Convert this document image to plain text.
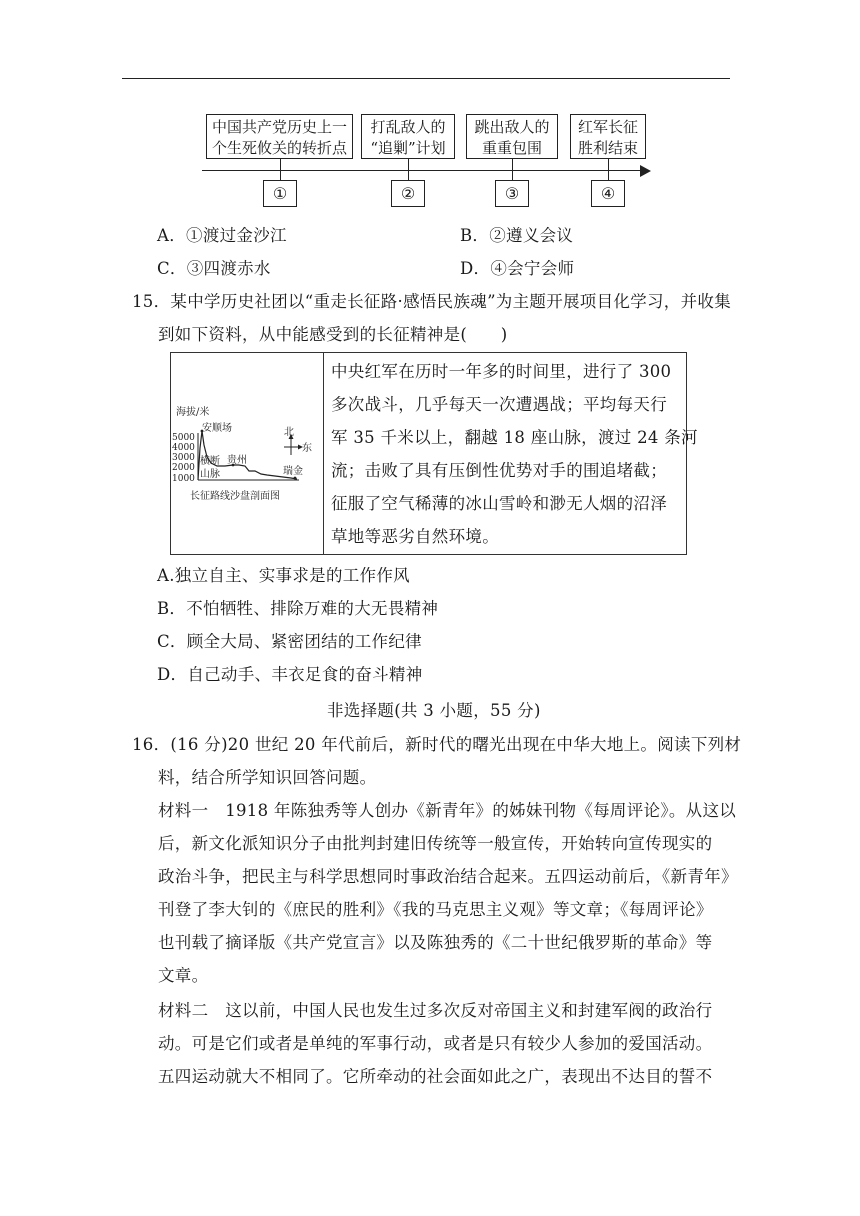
中国共产党历史上一
个生死攸关的转折点
打乱敌人的
“追剿”计划
跳出敌人的
重重包围
红军长征
胜利结束
①	②	③	④
A．①渡过金沙江	B．②遵义会议
C．③四渡赤水	D．④会宁会师
15．某中学历史社团以“重走长征路·感悟民族魂”为主题开展项目化学习，并收集
到如下资料，从中能感受到的长征精神是(　　)
海拔/米
5000
4000
3000
2000
1000
安顺场
横断
山脉
贵州
瑞金
北
东
长征路线沙盘剖面图
中央红军在历时一年多的时间里，进行了 300
多次战斗，几乎每天一次遭遇战；平均每天行
军 35 千米以上，翻越 18 座山脉，渡过 24 条河
流；击败了具有压倒性优势对手的围追堵截；
征服了空气稀薄的冰山雪岭和渺无人烟的沼泽
草地等恶劣自然环境。
A.独立自主、实事求是的工作作风
B．不怕牺牲、排除万难的大无畏精神
C．顾全大局、紧密团结的工作纪律
D．自己动手、丰衣足食的奋斗精神
非选择题(共 3 小题，55 分)
16．(16 分)20 世纪 20 年代前后，新时代的曙光出现在中华大地上。阅读下列材
料，结合所学知识回答问题。
材料一　1918 年陈独秀等人创办《新青年》的姊妹刊物《每周评论》。从这以
后，新文化派知识分子由批判封建旧传统等一般宣传，开始转向宣传现实的
政治斗争，把民主与科学思想同时事政治结合起来。五四运动前后，《新青年》
刊登了李大钊的《庶民的胜利》《我的马克思主义观》等文章；《每周评论》
也刊载了摘译版《共产党宣言》以及陈独秀的《二十世纪俄罗斯的革命》等
文章。
材料二　这以前，中国人民也发生过多次反对帝国主义和封建军阀的政治行
动。可是它们或者是单纯的军事行动，或者是只有较少人参加的爱国活动。
五四运动就大不相同了。它所牵动的社会面如此之广，表现出不达目的誓不
